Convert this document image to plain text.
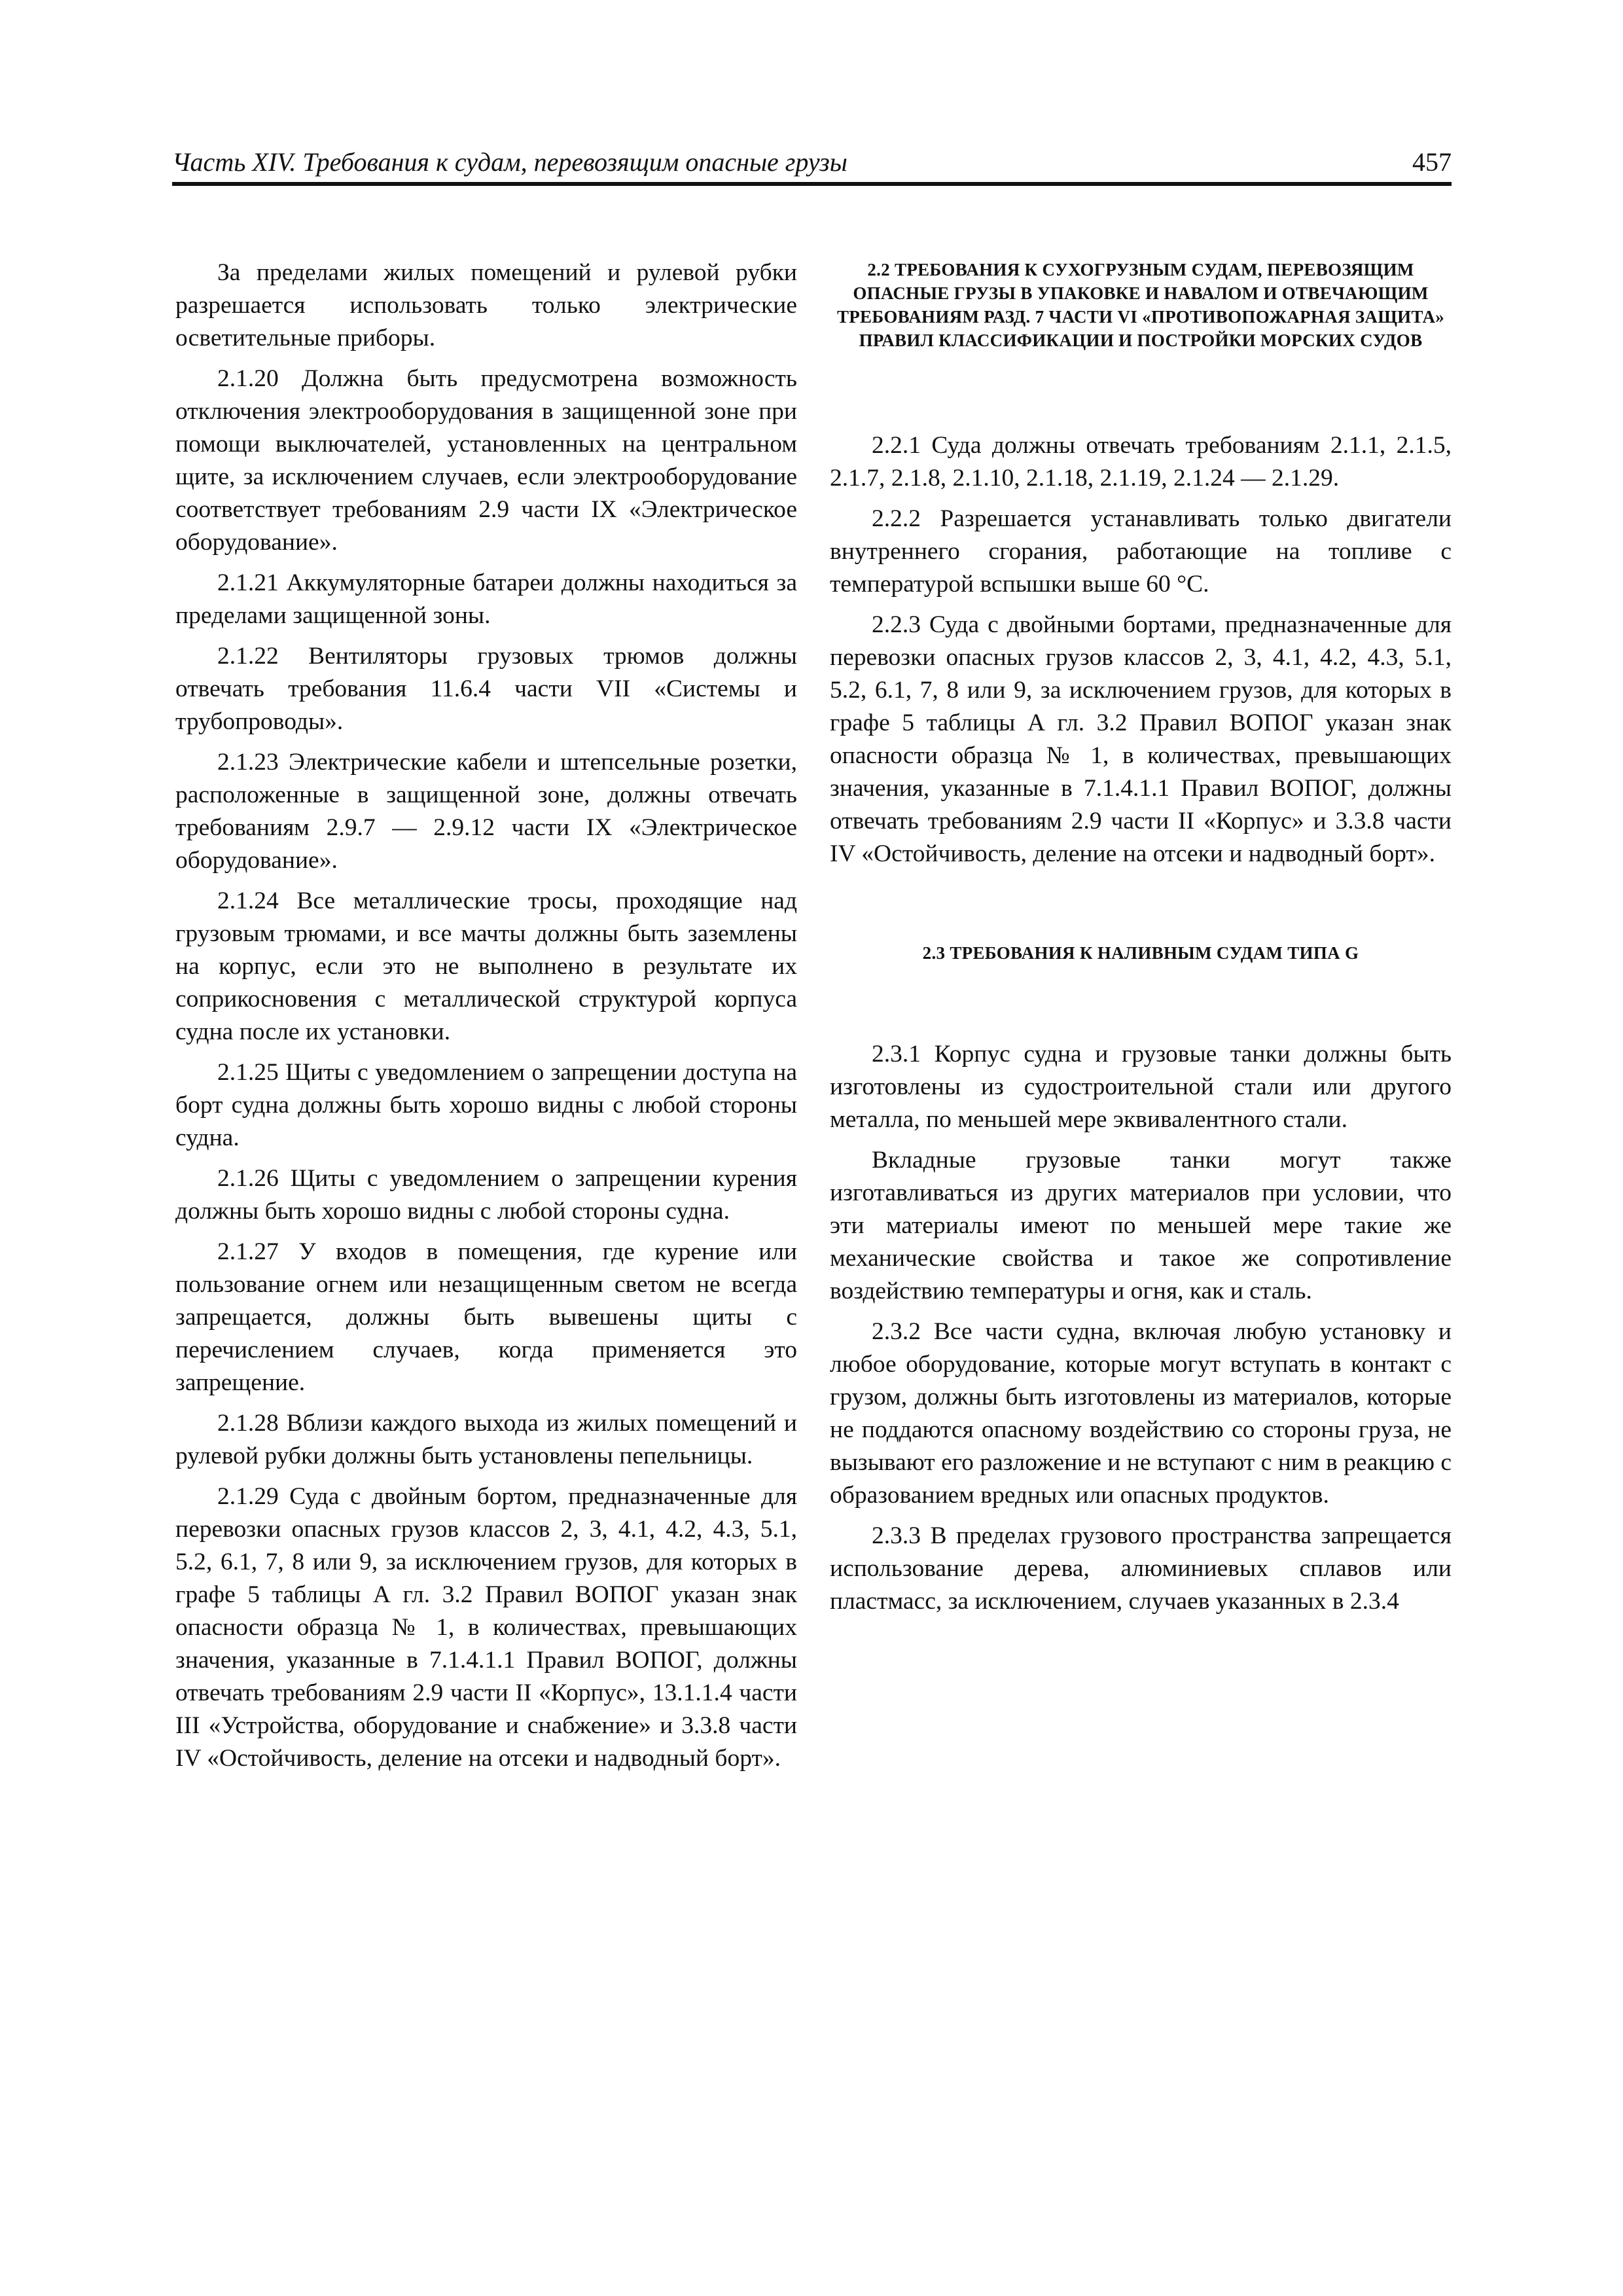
Часть XIV. Требования к судам, перевозящим опасные грузы	457

За пределами жилых помещений и рулевой рубки разрешается использовать только электрические осветительные приборы.

2.1.20 Должна быть предусмотрена возможность отключения электрооборудования в защищенной зоне при помощи выключателей, установленных на центральном щите, за исключением случаев, если электрооборудование соответствует требованиям 2.9 части IX «Электрическое оборудование».

2.1.21 Аккумуляторные батареи должны находиться за пределами защищенной зоны.

2.1.22 Вентиляторы грузовых трюмов должны отвечать требования 11.6.4 части VII «Системы и трубопроводы».

2.1.23 Электрические кабели и штепсельные розетки, расположенные в защищенной зоне, должны отвечать требованиям 2.9.7 — 2.9.12 части IX «Электрическое оборудование».

2.1.24 Все металлические тросы, проходящие над грузовым трюмами, и все мачты должны быть заземлены на корпус, если это не выполнено в результате их соприкосновения с металлической структурой корпуса судна после их установки.

2.1.25 Щиты с уведомлением о запрещении доступа на борт судна должны быть хорошо видны с любой стороны судна.

2.1.26 Щиты с уведомлением о запрещении курения должны быть хорошо видны с любой стороны судна.

2.1.27 У входов в помещения, где курение или пользование огнем или незащищенным светом не всегда запрещается, должны быть вывешены щиты с перечислением случаев, когда применяется это запрещение.

2.1.28 Вблизи каждого выхода из жилых помещений и рулевой рубки должны быть установлены пепельницы.

2.1.29 Суда с двойным бортом, предназначенные для перевозки опасных грузов классов 2, 3, 4.1, 4.2, 4.3, 5.1, 5.2, 6.1, 7, 8 или 9, за исключением грузов, для которых в графе 5 таблицы А гл. 3.2 Правил ВОПОГ указан знак опасности образца № 1, в количествах, превышающих значения, указанные в 7.1.4.1.1 Правил ВОПОГ, должны отвечать требованиям 2.9 части II «Корпус», 13.1.1.4 части III «Устройства, оборудование и снабжение» и 3.3.8 части IV «Остойчивость, деление на отсеки и надводный борт».

2.2 ТРЕБОВАНИЯ К СУХОГРУЗНЫМ СУДАМ, ПЕРЕВОЗЯЩИМ ОПАСНЫЕ ГРУЗЫ В УПАКОВКЕ И НАВАЛОМ И ОТВЕЧАЮЩИМ ТРЕБОВАНИЯМ РАЗД. 7 ЧАСТИ VI «ПРОТИВОПОЖАРНАЯ ЗАЩИТА» ПРАВИЛ КЛАССИФИКАЦИИ И ПОСТРОЙКИ МОРСКИХ СУДОВ

2.2.1 Суда должны отвечать требованиям 2.1.1, 2.1.5, 2.1.7, 2.1.8, 2.1.10, 2.1.18, 2.1.19, 2.1.24 — 2.1.29.

2.2.2 Разрешается устанавливать только двигатели внутреннего сгорания, работающие на топливе с температурой вспышки выше 60 °С.

2.2.3 Суда с двойными бортами, предназначенные для перевозки опасных грузов классов 2, 3, 4.1, 4.2, 4.3, 5.1, 5.2, 6.1, 7, 8 или 9, за исключением грузов, для которых в графе 5 таблицы А гл. 3.2 Правил ВОПОГ указан знак опасности образца № 1, в количествах, превышающих значения, указанные в 7.1.4.1.1 Правил ВОПОГ, должны отвечать требованиям 2.9 части II «Корпус» и 3.3.8 части IV «Остойчивость, деление на отсеки и надводный борт».

2.3 ТРЕБОВАНИЯ К НАЛИВНЫМ СУДАМ ТИПА G

2.3.1 Корпус судна и грузовые танки должны быть изготовлены из судостроительной стали или другого металла, по меньшей мере эквивалентного стали.

Вкладные грузовые танки могут также изготавливаться из других материалов при условии, что эти материалы имеют по меньшей мере такие же механические свойства и такое же сопротивление воздействию температуры и огня, как и сталь.

2.3.2 Все части судна, включая любую установку и любое оборудование, которые могут вступать в контакт с грузом, должны быть изготовлены из материалов, которые не поддаются опасному воздействию со стороны груза, не вызывают его разложение и не вступают с ним в реакцию с образованием вредных или опасных продуктов.

2.3.3 В пределах грузового пространства запрещается использование дерева, алюминиевых сплавов или пластмасс, за исключением, случаев указанных в 2.3.4
